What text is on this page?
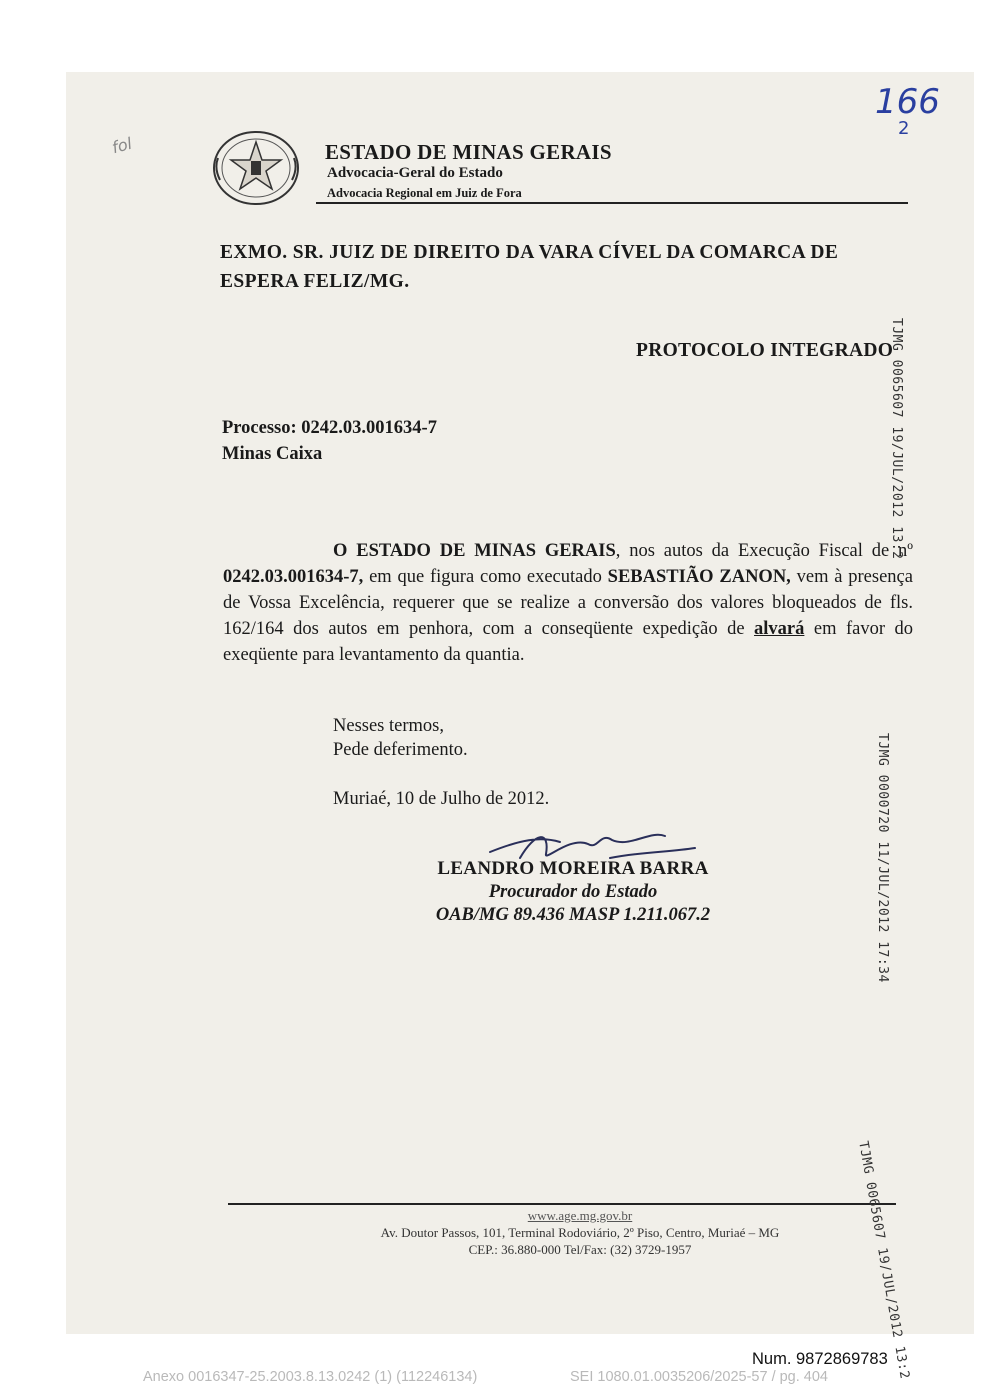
166
2
fol	ESTADO DE MINAS GERAIS
Advocacia-Geral do Estado
Advocacia Regional em Juiz de Fora
EXMO. SR. JUIZ DE DIREITO DA VARA CÍVEL DA COMARCA DE ESPERA FELIZ/MG.
PROTOCOLO INTEGRADO
Processo: 0242.03.001634-7
Minas Caixa
O ESTADO DE MINAS GERAIS, nos autos da Execução Fiscal de nº 0242.03.001634-7, em que figura como executado SEBASTIÃO ZANON, vem à presença de Vossa Excelência, requerer que se realize a conversão dos valores bloqueados de fls. 162/164 dos autos em penhora, com a conseqüente expedição de alvará em favor do exeqüente para levantamento da quantia.
Nesses termos,
Pede deferimento.
Muriaé, 10 de Julho de 2012.
LEANDRO MOREIRA BARRA
Procurador do Estado
OAB/MG 89.436 MASP 1.211.067.2
www.age.mg.gov.br
Av. Doutor Passos, 101, Terminal Rodoviário, 2º Piso, Centro, Muriaé – MG
CEP.: 36.880-000 Tel/Fax: (32) 3729-1957
TJMG 0065607 19/JUL/2012 13:2
TJMG 0000720 11/JUL/2012 17:34
TJMG 0065607 19/JUL/2012 13:2
Num. 9872869783
Anexo 0016347-25.2003.8.13.0242 (1) (112246134)	SEI 1080.01.0035206/2025-57 / pg. 404
